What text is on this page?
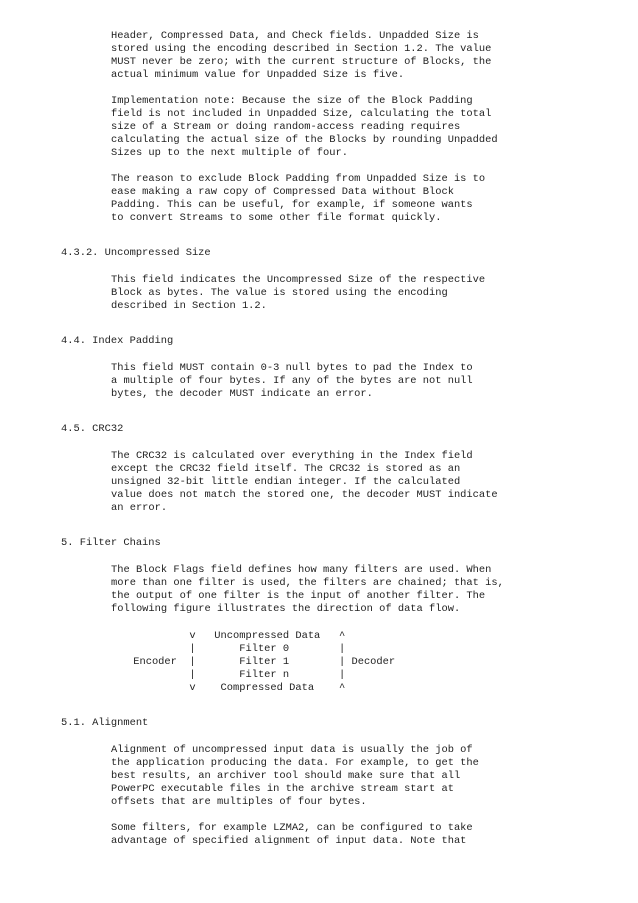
Header, Compressed Data, and Check fields. Unpadded Size is

stored using the encoding described in Section 1.2. The value

MUST never be zero; with the current structure of Blocks, the

actual minimum value for Unpadded Size is five.

Implementation note: Because the size of the Block Padding

field is not included in Unpadded Size, calculating the total

size of a Stream or doing random-access reading requires

calculating the actual size of the Blocks by rounding Unpadded

Sizes up to the next multiple of four.

The reason to exclude Block Padding from Unpadded Size is to

ease making a raw copy of Compressed Data without Block

Padding. This can be useful, for example, if someone wants

to convert Streams to some other file format quickly.

4.3.2. Uncompressed Size

This field indicates the Uncompressed Size of the respective

Block as bytes. The value is stored using the encoding

described in Section 1.2.

4.4. Index Padding

This field MUST contain 0-3 null bytes to pad the Index to

a multiple of four bytes. If any of the bytes are not null

bytes, the decoder MUST indicate an error.

4.5. CRC32

The CRC32 is calculated over everything in the Index field

except the CRC32 field itself. The CRC32 is stored as an

unsigned 32-bit little endian integer. If the calculated

value does not match the stored one, the decoder MUST indicate

an error.

5. Filter Chains

The Block Flags field defines how many filters are used. When

more than one filter is used, the filters are chained; that is,

the output of one filter is the input of another filter. The

following figure illustrates the direction of data flow.

v   Uncompressed Data   ^

|       Filter 0        |

Encoder  |       Filter 1        | Decoder

|       Filter n        |

v    Compressed Data    ^

5.1. Alignment

Alignment of uncompressed input data is usually the job of

the application producing the data. For example, to get the

best results, an archiver tool should make sure that all

PowerPC executable files in the archive stream start at

offsets that are multiples of four bytes.

Some filters, for example LZMA2, can be configured to take

advantage of specified alignment of input data. Note that
